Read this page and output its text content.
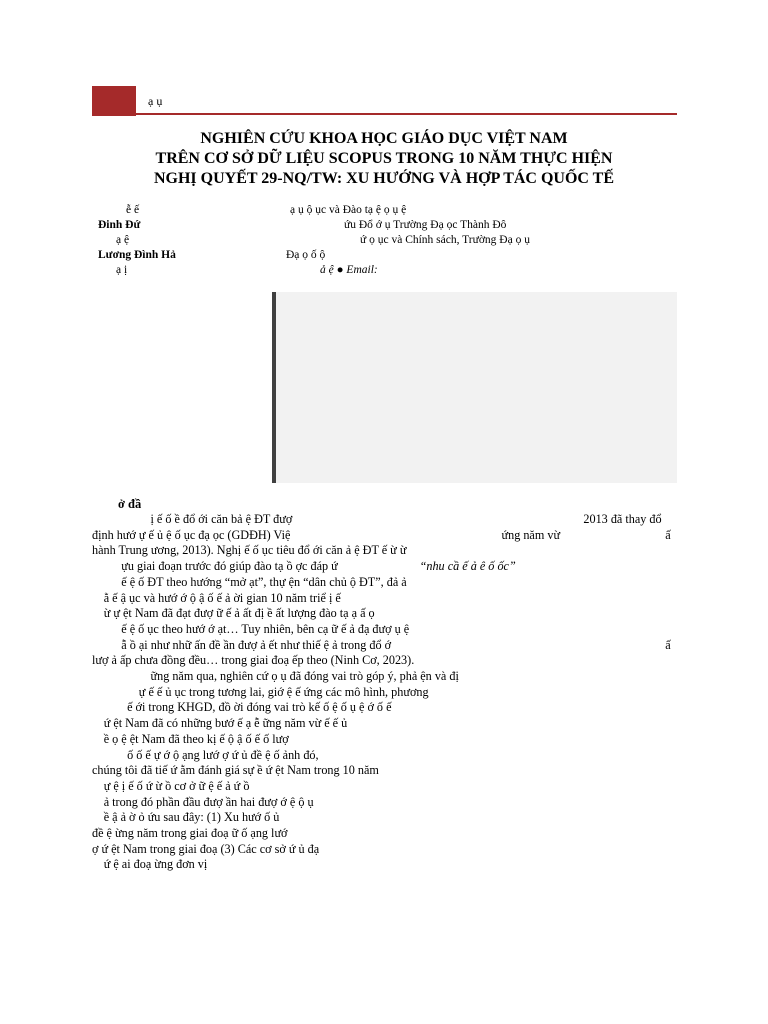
ạ ụ
NGHIÊN CỨU KHOA HỌC GIÁO DỤC VIỆT NAM
TRÊN CƠ SỞ DỮ LIỆU SCOPUS TRONG 10 NĂM THỰC HIỆN
NGHỊ QUYẾT 29-NQ/TW: XU HƯỚNG VÀ HỢP TÁC QUỐC TẾ
ễ ế	ạ ụ ộ ục và Đào tạ ệ ọ ụ ệ
Đinh Đứ	ứu Đổ ớ ụ Trường Đạ ọc Thành Đô
ạ ệ	ứ ọ ục và Chính sách, Trường Đạ ọ ụ
Lương Đình Hả	Đạ ọ ố ộ
ạ ị	ả ệ ● Email:
ở đầ
ị ế ố ề đổ ới căn bả ệ ĐT đượ	2013 đã thay đổ
định hướ ự ế ủ ệ ố ục đạ ọc (GDĐH) Việ	ứng năm vừ	ấ
hành Trung ương, 2013). Nghị ế ố ục tiêu đổ ới căn ả ệ ĐT ế ừ ừ
ựu giai đoạn trước đó giúp đào tạ ồ ợc đáp ứ	“nhu cầ ế ả ê ố ốc”
ế ệ ố ĐT theo hướng “mở ạt”, thự ện “dân chủ ộ ĐT”, đả ả
ằ ế ậ ục và hướ ớ ộ ậ ố ế ả ời gian 10 năm triể ị ế
ừ ự ệt Nam đã đạt đượ ữ ế ả ất đị ề ất lượng đào tạ ạ ấ ọ
ế ệ ố ục theo hướ ớ ạt… Tuy nhiên, bên cạ ữ ế ả đạ đượ ụ ệ
ẫ ồ ại như nhữ ấn đề ần đượ ả ết như thiế ệ ả trong đổ ớ	ấ
lượ ả ấp chưa đồng đều… trong giai đoạ ếp theo (Ninh Cơ, 2023).
ững năm qua, nghiên cứ ọ ụ đã đóng vai trò góp ý, phả ện và đị
ự ế ế ủ ục trong tương lai, giớ ệ ế ứng các mô hình, phương
ế ới trong KHGD, đồ ời đóng vai trò kế ố ệ ố ụ ệ ớ ố ế
ứ ệt Nam đã có những bướ ế ạ ễ ững năm vừ ế ế ủ
ề ọ ệ ệt Nam đã theo kị ế ộ ậ ố ế ố lượ
ố ố ế ự ớ ộ ạng lướ ợ ứ ủ đề ệ ố ảnh đó,
chúng tôi đã tiế ứ ằm đánh giá sự ề ứ ệt Nam trong 10 năm
ự ệ ị ế ố ứ ừ ồ cơ ở ữ ệ ế ả ứ ồ
ả trong đó phần đầu đượ ần hai đượ ớ ệ ộ ụ
ề ậ ả ờ ỏ ứu sau đây: (1) Xu hướ ố ủ
đề ệ ừng năm trong giai đoạ ữ ố ạng lướ
ợ ứ ệt Nam trong giai đoạ (3) Các cơ sở ứ ủ đạ
ứ ệ ai đoạ ừng đơn vị
